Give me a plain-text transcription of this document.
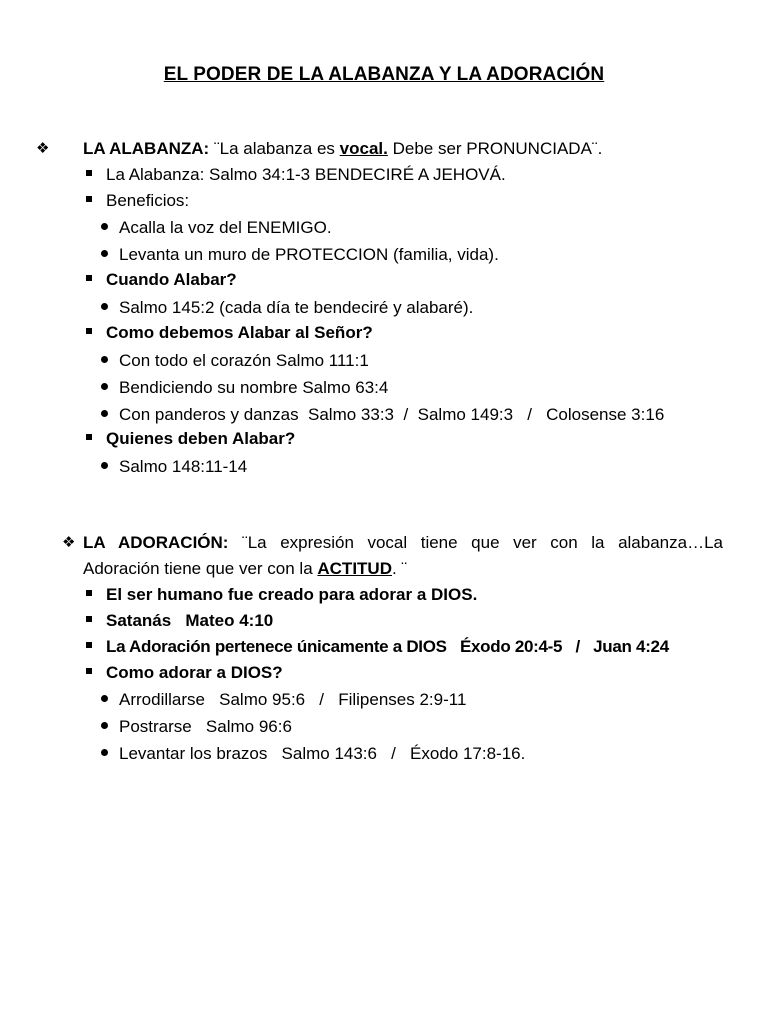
EL PODER DE LA ALABANZA Y LA ADORACIÓN
❖ LA ALABANZA: ¨La alabanza es vocal. Debe ser PRONUNCIADA¨.
La Alabanza: Salmo 34:1-3 BENDECIRÉ A JEHOVÁ.
Beneficios:
Acalla la voz del ENEMIGO.
Levanta un muro de PROTECCION (familia, vida).
Cuando Alabar?
Salmo 145:2 (cada día te bendeciré y alabaré).
Como debemos Alabar al Señor?
Con todo el corazón Salmo 111:1
Bendiciendo su nombre Salmo 63:4
Con panderos y danzas  Salmo 33:3  /  Salmo 149:3   /   Colosense 3:16
Quienes deben Alabar?
Salmo 148:11-14
❖ LA ADORACIÓN: ¨La expresión vocal tiene que ver con la alabanza…La
Adoración tiene que ver con la ACTITUD. ¨
El ser humano fue creado para adorar a DIOS.
Satanás   Mateo 4:10
La Adoración pertenece únicamente a DIOS   Éxodo 20:4-5   /   Juan 4:24
Como adorar a DIOS?
Arrodillarse   Salmo 95:6   /   Filipenses 2:9-11
Postrarse   Salmo 96:6
Levantar los brazos   Salmo 143:6   /   Éxodo 17:8-16.
